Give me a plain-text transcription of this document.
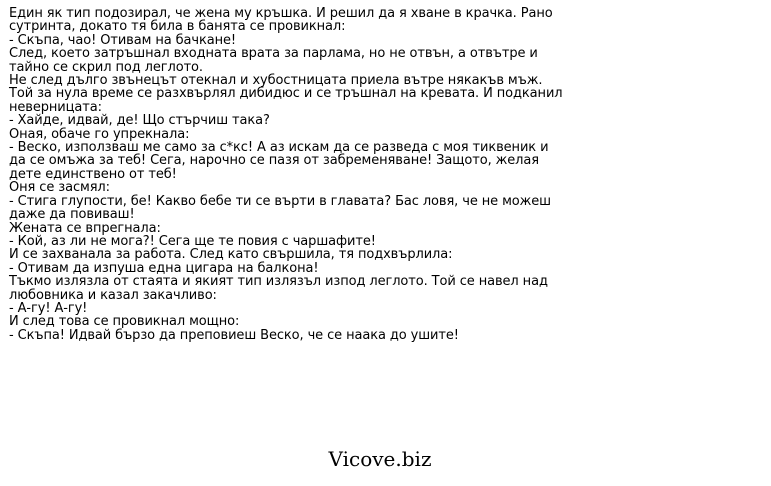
Един як тип подозирал, че жена му кръшка. И решил да я хване в крачка. Рано сутринта, докато тя била в банята се провикнал:

- Скъпа, чао! Отивам на бачкане!

След, което затръшнал входната врата за парлама, но не отвън, а отвътре и тайно се скрил под леглото.

Не след дълго звънецът отекнал и хубостницата приела вътре някакъв мъж. Той за нула време се разхвърлял дибидюс и се тръшнал на кревата. И подканил неверницата:

- Хайде, идвай, де! Що стърчиш така?

Оная, обаче го упрекнала:

- Веско, използваш ме само за с*кс! А аз искам да се разведа с моя тиквеник и да се омъжа за теб! Сега, нарочно се пазя от забременяване! Защото, желая дете единствено от теб!

Оня се засмял:

- Стига глупости, бе! Какво бебе ти се върти в главата? Бас ловя, че не можеш даже да повиваш!

Жената се впрегнала:

- Кой, аз ли не мога?! Сега ще те повия с чаршафите!

И се захванала за работа. След като свършила, тя подхвърлила:

- Отивам да изпуша една цигара на балкона!

Тъкмо излязла от стаята и якият тип излязъл изпод леглото. Той се навел над любовника и казал закачливо:

- А-гу! А-гу!

И след това се провикнал мощно:

- Скъпа! Идвай бързо да преповиеш Веско, че се наака до ушите!

Vicove.biz
